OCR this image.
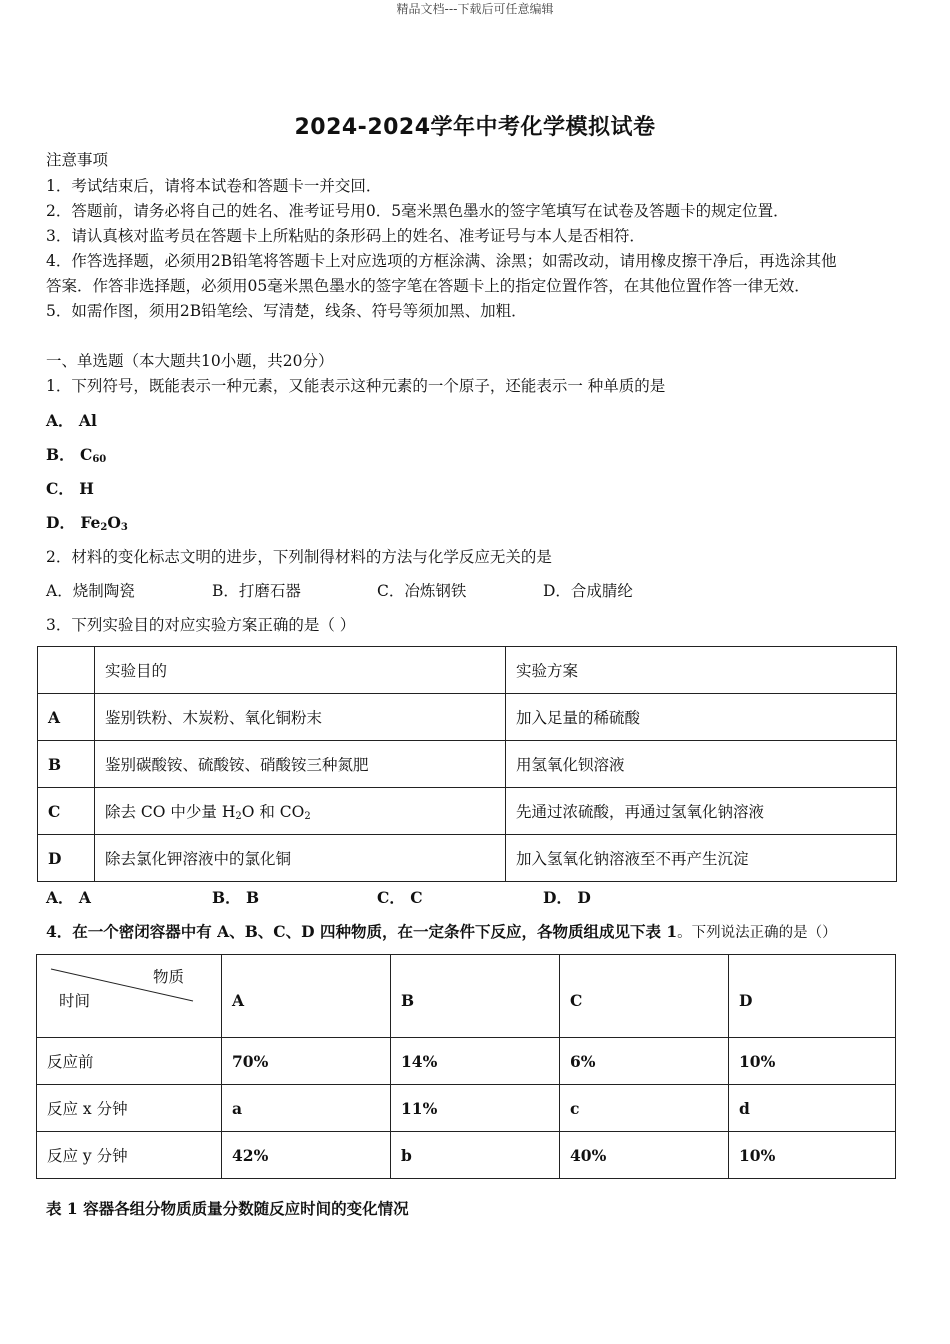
精品文档---下载后可任意编辑
2024-2024学年中考化学模拟试卷
注意事项
1．考试结束后，请将本试卷和答题卡一并交回．
2．答题前，请务必将自己的姓名、准考证号用0．5毫米黑色墨水的签字笔填写在试卷及答题卡的规定位置．
3．请认真核对监考员在答题卡上所粘贴的条形码上的姓名、准考证号与本人是否相符．
4．作答选择题，必须用2B铅笔将答题卡上对应选项的方框涂满、涂黑；如需改动，请用橡皮擦干净后，再选涂其他
答案．作答非选择题，必须用05毫米黑色墨水的签字笔在答题卡上的指定位置作答，在其他位置作答一律无效．
5．如需作图，须用2B铅笔绘、写清楚，线条、符号等须加黑、加粗．
一、单选题（本大题共10小题，共20分）
1．下列符号，既能表示一种元素，又能表示这种元素的一个原子，还能表示一 种单质的是
A． Al
B． $C_{60}$
C． H
D． $Fe_2O_3$
2．材料的变化标志文明的进步，下列制得材料的方法与化学反应无关的是
A．烧制陶瓷	B．打磨石器	C．冶炼钢铁	D．合成腈纶
3．下列实验目的对应实验方案正确的是（ ）
	实验目的	实验方案
A	鉴别铁粉、木炭粉、氧化铜粉末	加入足量的稀硫酸
B	鉴别碳酸铵、硫酸铵、硝酸铵三种氮肥	用氢氧化钡溶液
C	除去 CO 中少量 $H_2O$ 和 $CO_2$	先通过浓硫酸，再通过氢氧化钠溶液
D	除去氯化钾溶液中的氯化铜	加入氢氧化钠溶液至不再产生沉淀
A． A	B． B	C． C	D． D
4．在一个密闭容器中有 A、B、C、D 四种物质，在一定条件下反应，各物质组成见下表 1。下列说法正确的是（）
物质
时间	A	B	C	D
反应前	70%	14%	6%	10%
反应 x 分钟	a	11%	c	d
反应 y 分钟	42%	b	40%	10%
表 1 容器各组分物质质量分数随反应时间的变化情况
